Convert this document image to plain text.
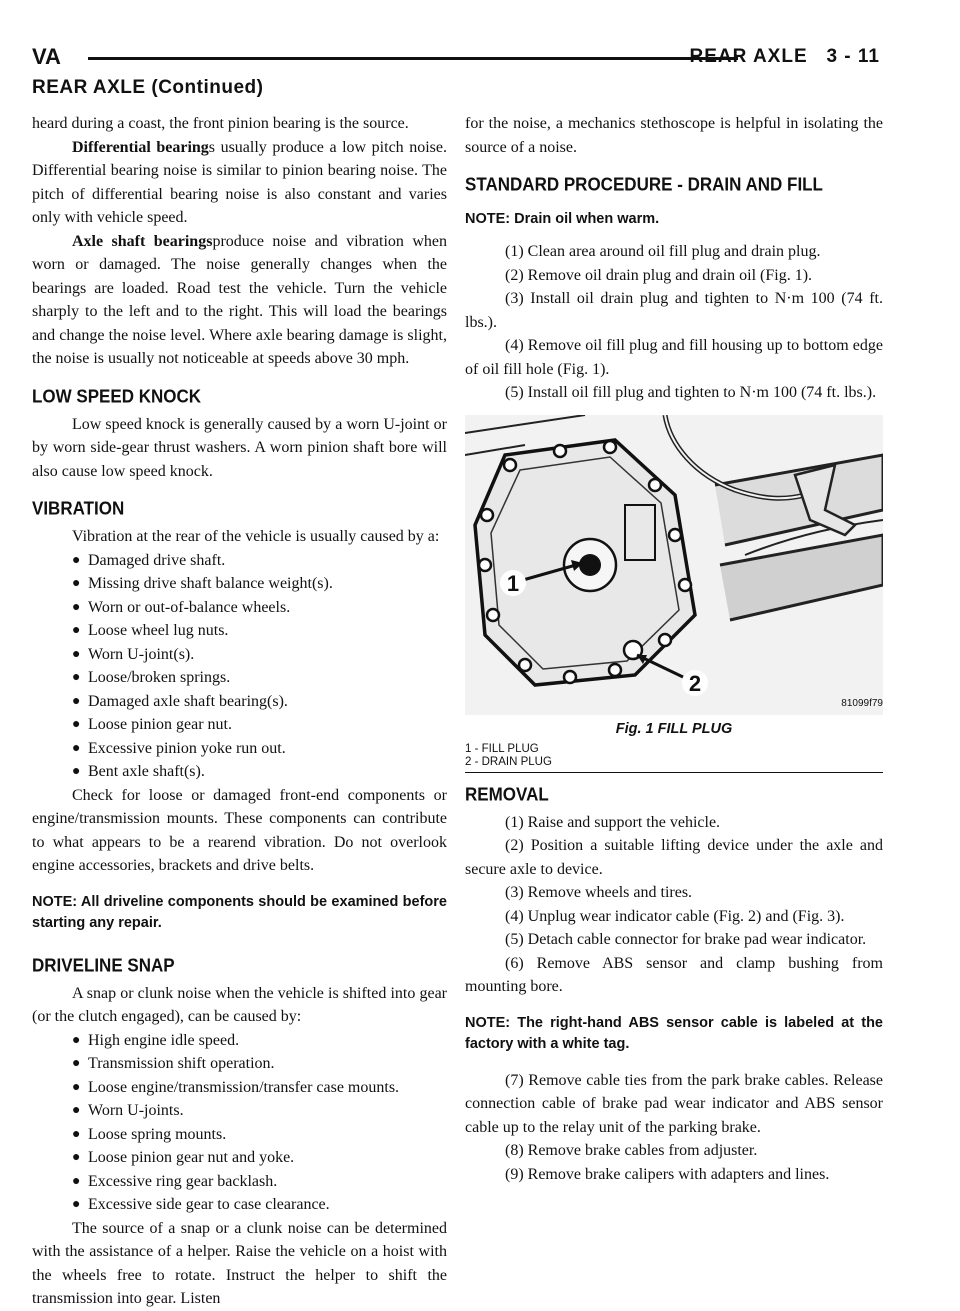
VA	REAR AXLE   3 - 11
REAR AXLE (Continued)

heard during a coast, the front pinion bearing is the source.

Differential bearings usually produce a low pitch noise. Differential bearing noise is similar to pinion bearing noise. The pitch of differential bearing noise is also constant and varies only with vehicle speed.

Axle shaft bearingsproduce noise and vibration when worn or damaged. The noise generally changes when the bearings are loaded. Road test the vehicle. Turn the vehicle sharply to the left and to the right. This will load the bearings and change the noise level. Where axle bearing damage is slight, the noise is usually not noticeable at speeds above 30 mph.

LOW SPEED KNOCK

Low speed knock is generally caused by a worn U-joint or by worn side-gear thrust washers. A worn pinion shaft bore will also cause low speed knock.

VIBRATION

Vibration at the rear of the vehicle is usually caused by a:

● Damaged drive shaft.
● Missing drive shaft balance weight(s).
● Worn or out-of-balance wheels.
● Loose wheel lug nuts.
● Worn U-joint(s).
● Loose/broken springs.
● Damaged axle shaft bearing(s).
● Loose pinion gear nut.
● Excessive pinion yoke run out.
● Bent axle shaft(s).

Check for loose or damaged front-end components or engine/transmission mounts. These components can contribute to what appears to be a rearend vibration. Do not overlook engine accessories, brackets and drive belts.

NOTE: All driveline components should be examined before starting any repair.

DRIVELINE SNAP

A snap or clunk noise when the vehicle is shifted into gear (or the clutch engaged), can be caused by:

● High engine idle speed.
● Transmission shift operation.
● Loose engine/transmission/transfer case mounts.
● Worn U-joints.
● Loose spring mounts.
● Loose pinion gear nut and yoke.
● Excessive ring gear backlash.
● Excessive side gear to case clearance.

The source of a snap or a clunk noise can be determined with the assistance of a helper. Raise the vehicle on a hoist with the wheels free to rotate. Instruct the helper to shift the transmission into gear. Listen

for the noise, a mechanics stethoscope is helpful in isolating the source of a noise.

STANDARD PROCEDURE - DRAIN AND FILL

NOTE: Drain oil when warm.

(1) Clean area around oil fill plug and drain plug.

(2) Remove oil drain plug and drain oil (Fig. 1).

(3) Install oil drain plug and tighten to N·m 100 (74 ft. lbs.).

(4) Remove oil fill plug and fill housing up to bottom edge of oil fill hole (Fig. 1).

(5) Install oil fill plug and tighten to N·m 100 (74 ft. lbs.).

1
2
81099f79
Fig. 1 FILL PLUG
1 - FILL PLUG
2 - DRAIN PLUG
REMOVAL

(1) Raise and support the vehicle.

(2) Position a suitable lifting device under the axle and secure axle to device.

(3) Remove wheels and tires.

(4) Unplug wear indicator cable (Fig. 2) and (Fig. 3).

(5) Detach cable connector for brake pad wear indicator.

(6) Remove ABS sensor and clamp bushing from mounting bore.

NOTE: The right-hand ABS sensor cable is labeled at the factory with a white tag.

(7) Remove cable ties from the park brake cables. Release connection cable of brake pad wear indicator and ABS sensor cable up to the relay unit of the parking brake.

(8) Remove brake cables from adjuster.

(9) Remove brake calipers with adapters and lines.
